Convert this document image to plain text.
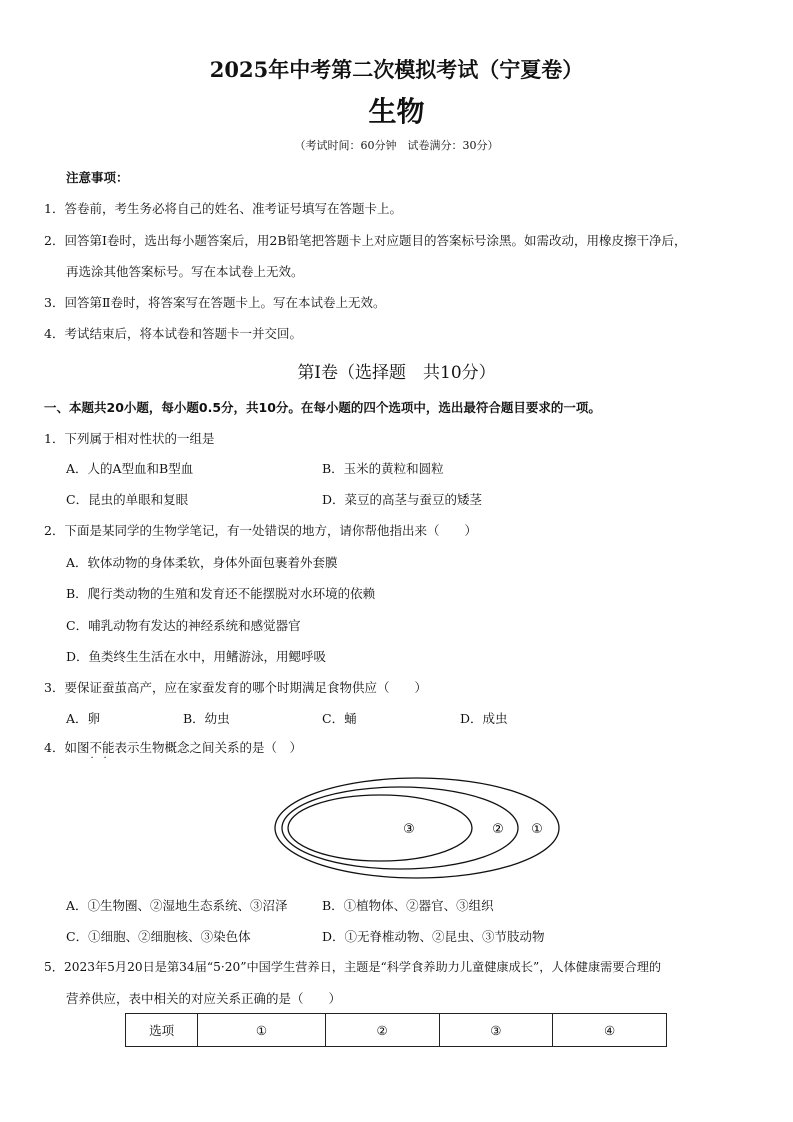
2025年中考第二次模拟考试（宁夏卷）
生物
（考试时间：60分钟　试卷满分：30分）
注意事项：
1．答卷前，考生务必将自己的姓名、准考证号填写在答题卡上。
2．回答第Ⅰ卷时，选出每小题答案后，用2B铅笔把答题卡上对应题目的答案标号涂黑。如需改动，用橡皮擦干净后，
再选涂其他答案标号。写在本试卷上无效。
3．回答第Ⅱ卷时，将答案写在答题卡上。写在本试卷上无效。
4．考试结束后，将本试卷和答题卡一并交回。
第Ⅰ卷（选择题　共10分）
一、本题共20小题，每小题0.5分，共10分。在每小题的四个选项中，选出最符合题目要求的一项。
1．下列属于相对性状的一组是
A．人的A型血和B型血	B．玉米的黄粒和圆粒
C．昆虫的单眼和复眼	D．菜豆的高茎与蚕豆的矮茎
2．下面是某同学的生物学笔记，有一处错误的地方，请你帮他指出来（　　）
A．软体动物的身体柔软，身体外面包裹着外套膜
B．爬行类动物的生殖和发育还不能摆脱对水环境的依赖
C．哺乳动物有发达的神经系统和感觉器官
D．鱼类终生生活在水中，用鳍游泳，用鳃呼吸
3．要保证蚕茧高产，应在家蚕发育的哪个时期满足食物供应（　　）
A．卵	B．幼虫	C．蛹	D．成虫
4．如图不能
· ·
表示生物概念之间关系的是（　）
③	② ①
A．①生物圈、②湿地生态系统、③沼泽	B．①植物体、②器官、③组织
C．①细胞、②细胞核、③染色体	D．①无脊椎动物、②昆虫、③节肢动物
5．2023年5月20日是第34届“5·20”中国学生营养日，主题是“科学食养助力儿童健康成长”，人体健康需要合理的
营养供应，表中相关的对应关系正确的是（　　）
选项	①	②	③	④
